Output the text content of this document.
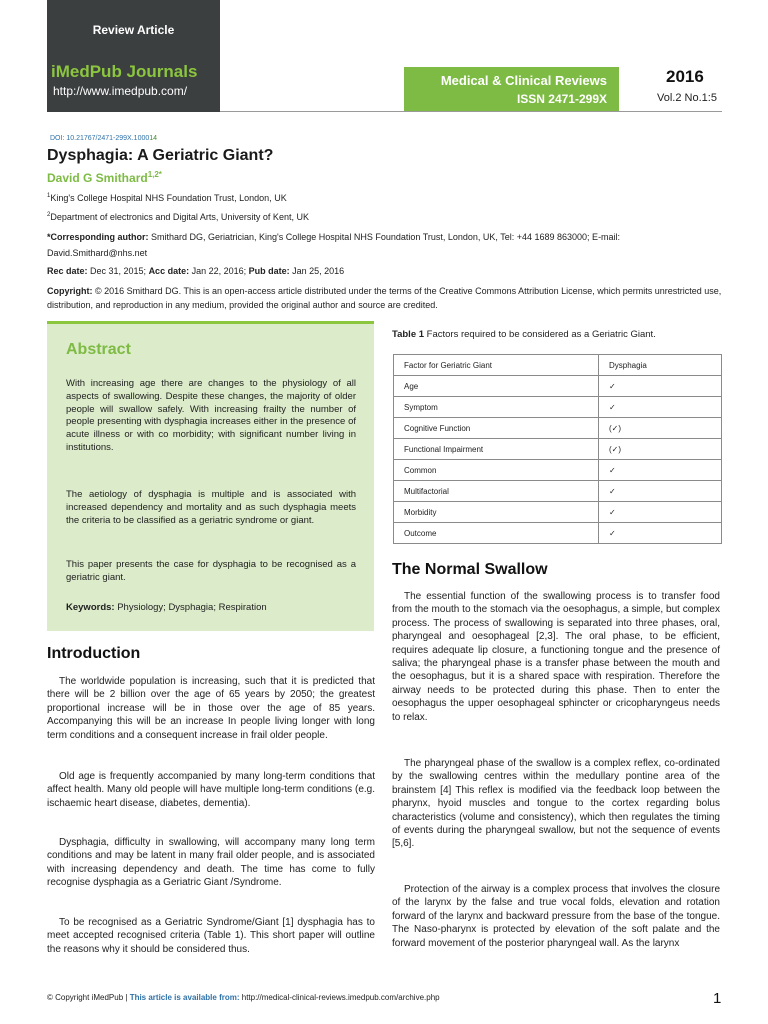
Review Article
iMedPub Journals
http://www.imedpub.com/
Medical & Clinical Reviews
ISSN 2471-299X
2016
Vol.2 No.1:5
DOI: 10.21767/2471-299X.100014
Dysphagia: A Geriatric Giant?
David G Smithard$^{1,2*}$
$^1$King's College Hospital NHS Foundation Trust, London, UK
$^2$Department of electronics and Digital Arts, University of Kent, UK
*Corresponding author: Smithard DG, Geriatrician, King's College Hospital NHS Foundation Trust, London, UK, Tel: +44 1689 863000; E-mail: David.Smithard@nhs.net
Rec date: Dec 31, 2015; Acc date: Jan 22, 2016; Pub date: Jan 25, 2016
Copyright: © 2016 Smithard DG. This is an open-access article distributed under the terms of the Creative Commons Attribution License, which permits unrestricted use, distribution, and reproduction in any medium, provided the original author and source are credited.
Abstract

With increasing age there are changes to the physiology of all aspects of swallowing. Despite these changes, the majority of older people will swallow safely. With increasing frailty the number of people presenting with dysphagia increases either in the presence of acute illness or with co morbidity; with significant number living in institutions.

The aetiology of dysphagia is multiple and is associated with increased dependency and mortality and as such dysphagia meets the criteria to be classified as a geriatric syndrome or giant.

This paper presents the case for dysphagia to be recognised as a geriatric giant.

Keywords: Physiology; Dysphagia; Respiration

Introduction

The worldwide population is increasing, such that it is predicted that there will be 2 billion over the age of 65 years by 2050; the greatest proportional increase will be in those over the age of 85 years. Accompanying this will be an increase In people living longer with long term conditions and a consequent increase in frail older people.

Old age is frequently accompanied by many long-term conditions that affect health. Many old people will have multiple long-term conditions (e.g. ischaemic heart disease, diabetes, dementia).

Dysphagia, difficulty in swallowing, will accompany many long term conditions and may be latent in many frail older people, and is associated with increasing dependency and death. The time has come to fully recognise dysphagia as a Geriatric Giant /Syndrome.

To be recognised as a Geriatric Syndrome/Giant [1] dysphagia has to meet accepted recognised criteria (Table 1). This short paper will outline the reasons why it should be considered thus.

Table 1 Factors required to be considered as a Geriatric Giant.
Factor for Geriatric Giant	Dysphagia
Age	✓
Symptom	✓
Cognitive Function	(✓)
Functional Impairment	(✓)
Common	✓
Multifactorial	✓
Morbidity	✓
Outcome	✓
The Normal Swallow

The essential function of the swallowing process is to transfer food from the mouth to the stomach via the oesophagus, a simple, but complex process. The process of swallowing is separated into three phases, oral, pharyngeal and oesophageal [2,3]. The oral phase, to be efficient, requires adequate lip closure, a functioning tongue and the presence of saliva; the pharyngeal phase is a transfer phase between the mouth and the oesophagus, but it is a shared space with respiration. Therefore the airway needs to be protected during this phase. Then to enter the oesophagus the upper oesophageal sphincter or cricopharyngeus needs to relax.

The pharyngeal phase of the swallow is a complex reflex, co-ordinated by the swallowing centres within the medullary pontine area of the brainstem [4] This reflex is modified via the feedback loop between the pharynx, hyoid muscles and tongue to the cortex regarding bolus characteristics (volume and consistency), which then regulates the timing of events during the pharyngeal swallow, but not the sequence of events [5,6].

Protection of the airway is a complex process that involves the closure of the larynx by the false and true vocal folds, elevation and rotation forward of the larynx and backward pressure from the base of the tongue. The Naso-pharynx is protected by elevation of the soft palate and the forward movement of the posterior pharyngeal wall. As the larynx

© Copyright iMedPub | This article is available from: http://medical-clinical-reviews.imedpub.com/archive.php	1
